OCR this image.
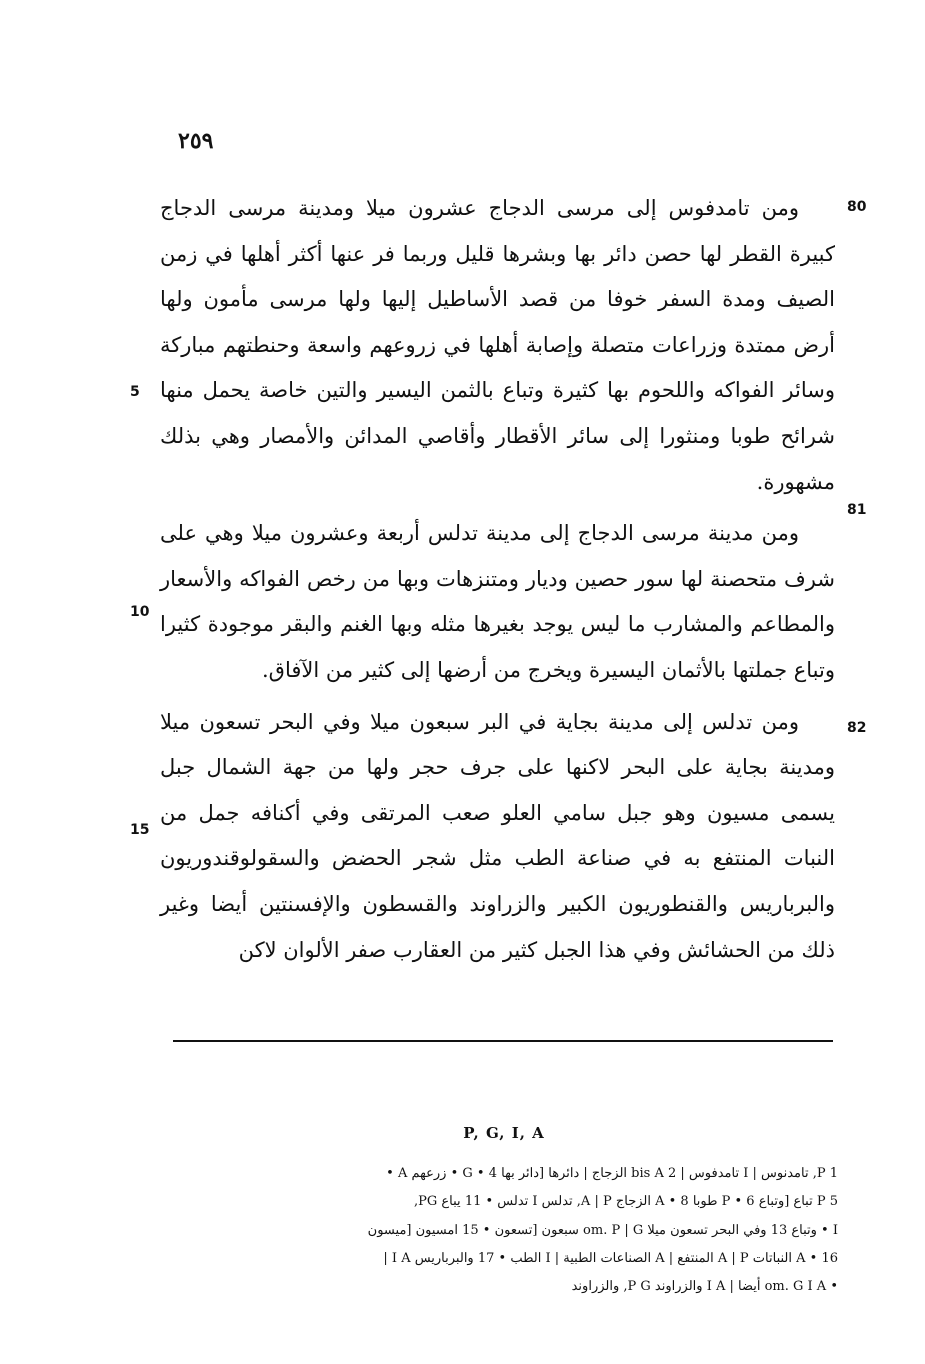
٢٥٩

ومن تامدفوس إلى مرسى الدجاج عشرون ميلا ومدينة مرسى الدجاج كبيرة القطر لها حصن دائر بها وبشرها قليل وربما فر عنها أكثر أهلها في زمن الصيف ومدة السفر خوفا من قصد الأساطيل إليها ولها مرسى مأمون ولها أرض ممتدة وزراعات متصلة وإصابة أهلها في زروعهم واسعة وحنطتهم مباركة وسائر الفواكه واللحوم بها كثيرة وتباع بالثمن اليسير والتين خاصة يحمل منها شرائح طوبا ومنثورا إلى سائر الأقطار وأقاصي المدائن والأمصار وهي بذلك مشهورة.

ومن مدينة مرسى الدجاج إلى مدينة تدلس أربعة وعشرون ميلا وهي على شرف متحصنة لها سور حصين وديار ومتنزهات وبها من رخص الفواكه والأسعار والمطاعم والمشارب ما ليس يوجد بغيرها مثله وبها الغنم والبقر موجودة كثيرا وتباع جملتها بالأثمان اليسيرة ويخرج من أرضها إلى كثير من الآفاق.

ومن تدلس إلى مدينة بجاية في البر سبعون ميلا وفي البحر تسعون ميلا ومدينة بجاية على البحر لاكنها على جرف حجر ولها من جهة الشمال جبل يسمى مسيون وهو جبل سامي العلو صعب المرتقى وفي أكنافه جمل من النبات المنتفع به في صناعة الطب مثل شجر الحضض والسقولوقندوريون والبرباريس والقنطوريون الكبير والزراوند والقسطون والإفسنتين أيضا وغير ذلك من الحشائش وفي هذا الجبل كثير من العقارب صفر الألوان لاكن

80
81
82
5
10
15
P, G, I, A

1 P, تامدنوس | I تامدفوس | 2 bis A الزجاج | دائرها [دائر بها G • 4 • زرعهم A •

5 P تباع [وتباع P • 6 طوبا A • 8 الزجاج A | P, تدلس I تدلس • 11 يباع PG,

I • وتباع 13 وفي البحر تسعون ميلا om. P | G سبعون [تسعون • 15 امسيون [ميسون

A • 16 النباتات A | P المنتفع | A الصناعات الطبية | I الطب • 17 والبرباريس I A |

• om. G I A أيضا | I A والزراوند P G, والزراوند
